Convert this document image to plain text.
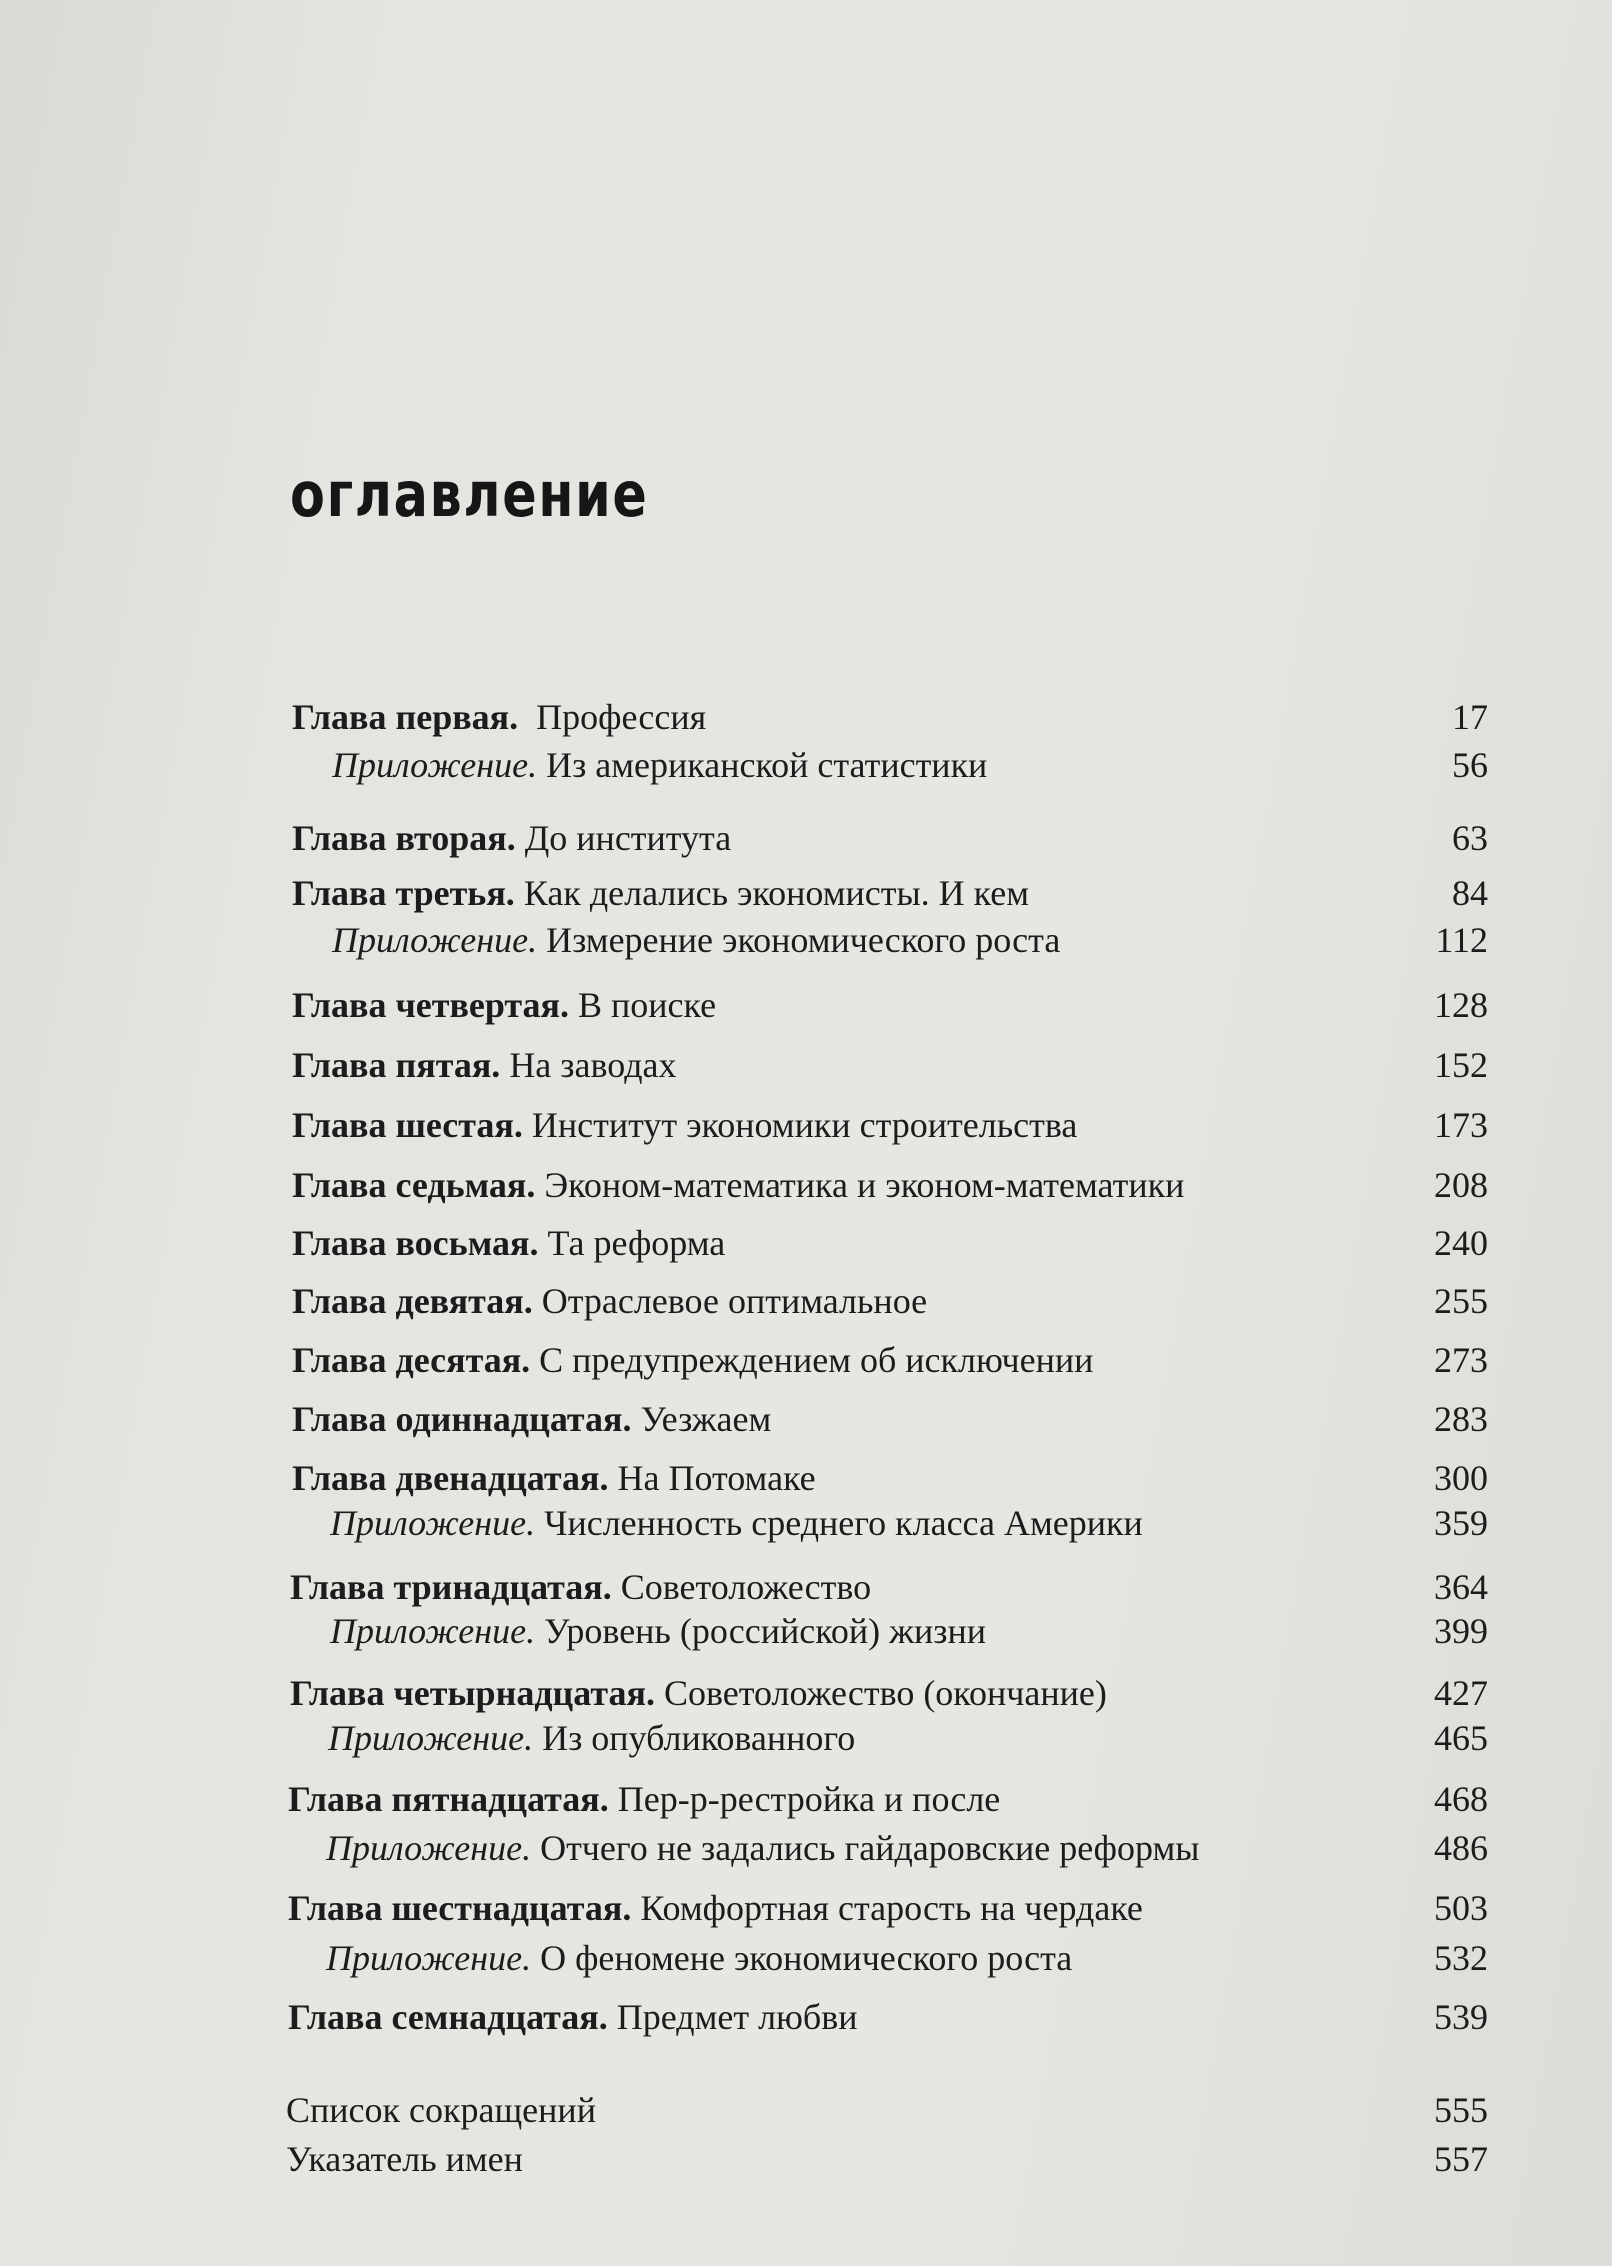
оглавление
Глава первая. Профессия	17
Приложение. Из американской статистики	56
Глава вторая. До института	63
Глава третья. Как делались экономисты. И кем	84
Приложение. Измерение экономического роста	112
Глава четвертая. В поиске	128
Глава пятая. На заводах	152
Глава шестая. Институт экономики строительства	173
Глава седьмая. Эконом-математика и эконом-математики	208
Глава восьмая. Та реформа	240
Глава девятая. Отраслевое оптимальное	255
Глава десятая. С предупреждением об исключении	273
Глава одиннадцатая. Уезжаем	283
Глава двенадцатая. На Потомаке	300
Приложение. Численность среднего класса Америки	359
Глава тринадцатая. Советоложество	364
Приложение. Уровень (российской) жизни	399
Глава четырнадцатая. Советоложество (окончание)	427
Приложение. Из опубликованного	465
Глава пятнадцатая. Пер-р-рестройка и после	468
Приложение. Отчего не задались гайдаровские реформы	486
Глава шестнадцатая. Комфортная старость на чердаке	503
Приложение. О феномене экономического роста	532
Глава семнадцатая. Предмет любви	539
Список сокращений	555
Указатель имен	557
